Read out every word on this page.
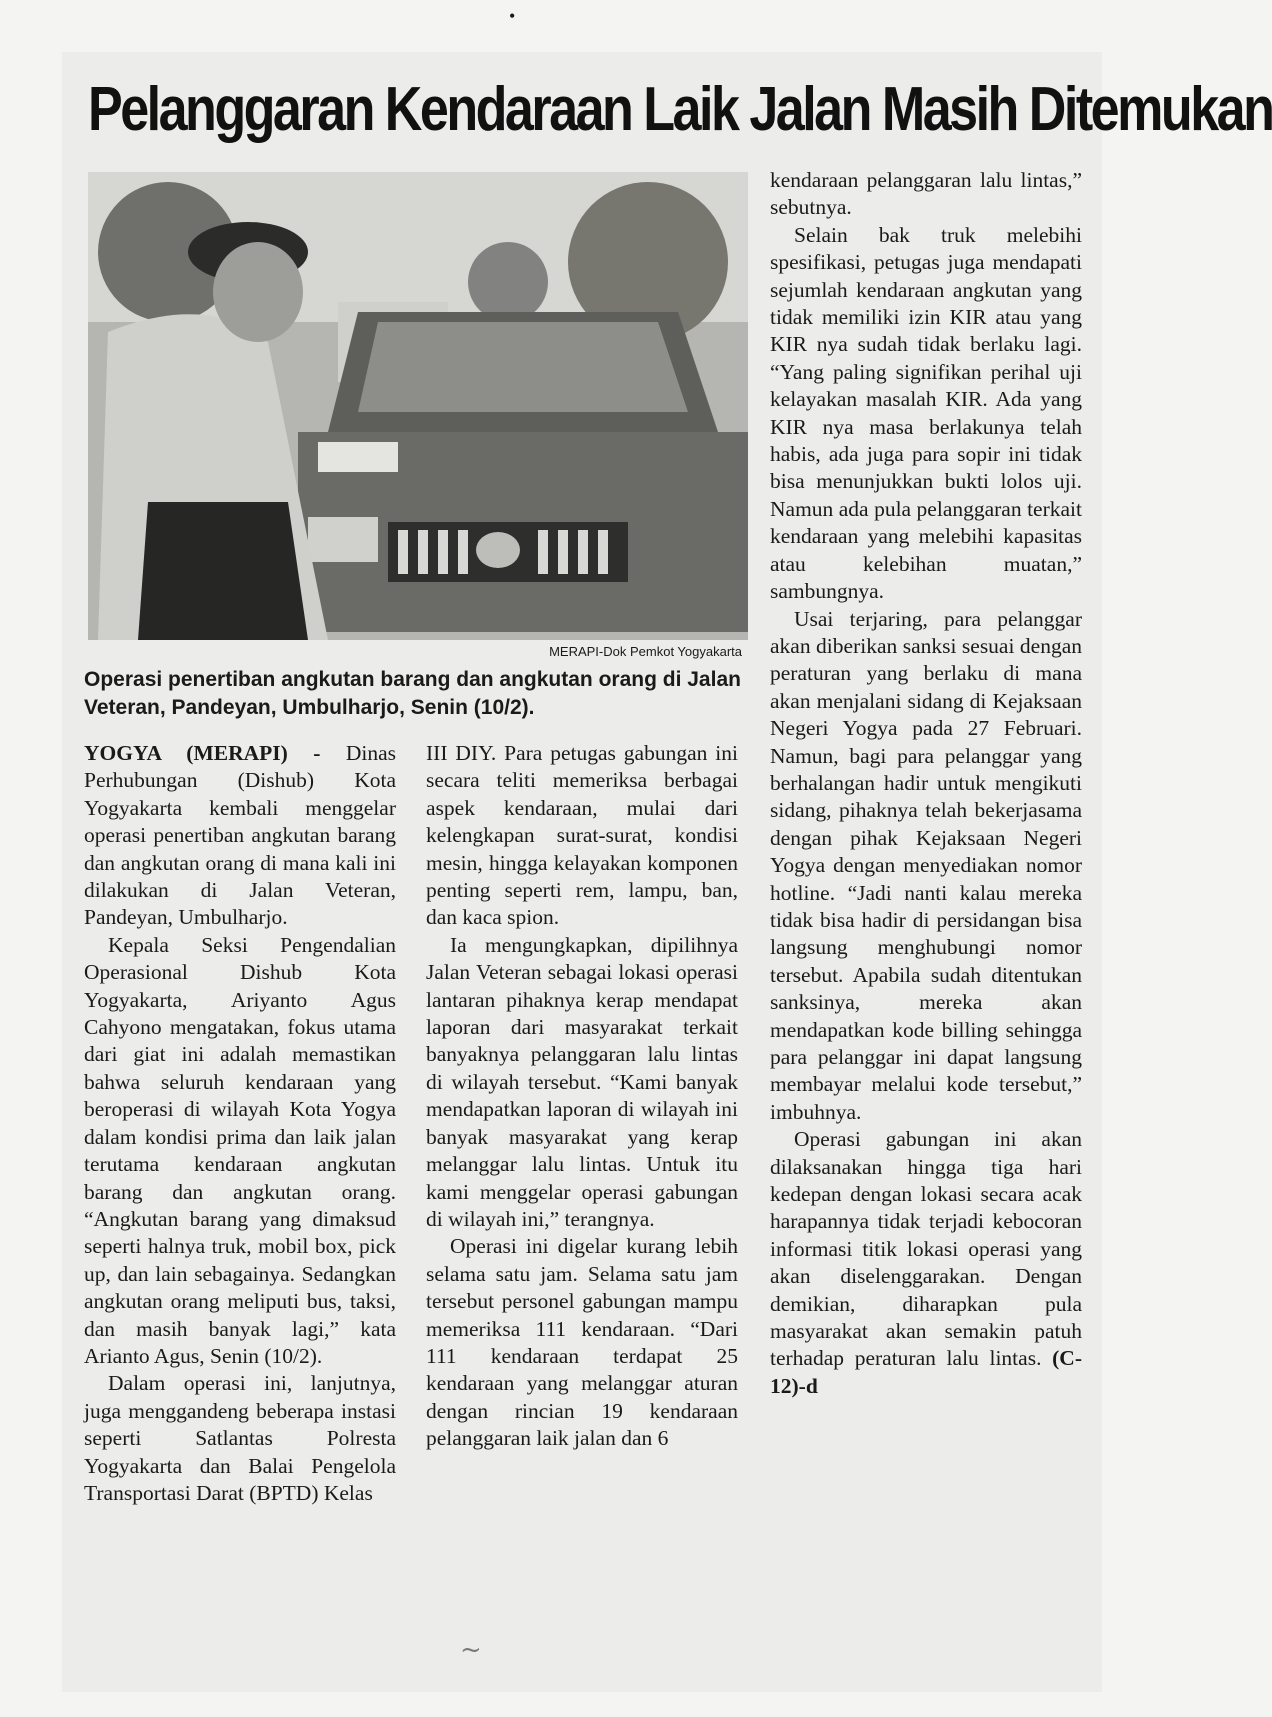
•
Pelanggaran Kendaraan Laik Jalan Masih Ditemukan
MERAPI-Dok Pemkot Yogyakarta
Operasi penertiban angkutan barang dan angkutan orang di Jalan Veteran, Pandeyan, Umbulharjo, Senin (10/2).

YOGYA (MERAPI) - Dinas Perhubungan (Dishub) Kota Yogyakarta kembali menggelar operasi penertiban angkutan barang dan angkutan orang di mana kali ini dilakukan di Jalan Veteran, Pandeyan, Umbulharjo.

Kepala Seksi Pengendalian Operasional Dishub Kota Yogyakarta, Ariyanto Agus Cahyono mengatakan, fokus utama dari giat ini adalah memastikan bahwa seluruh kendaraan yang beroperasi di wilayah Kota Yogya dalam kondisi prima dan laik jalan terutama kendaraan angkutan barang dan angkutan orang. “Angkutan barang yang dimaksud seperti halnya truk, mobil box, pick up, dan lain sebagainya. Sedangkan angkutan orang meliputi bus, taksi, dan masih banyak lagi,” kata Arianto Agus, Senin (10/2).

Dalam operasi ini, lanjutnya, juga menggandeng beberapa instasi seperti Satlantas Polresta Yogyakarta dan Balai Pengelola Transportasi Darat (BPTD) Kelas

III DIY. Para petugas gabungan ini secara teliti memeriksa berbagai aspek kendaraan, mulai dari kelengkapan surat-surat, kondisi mesin, hingga kelayakan komponen penting seperti rem, lampu, ban, dan kaca spion.

Ia mengungkapkan, dipilihnya Jalan Veteran sebagai lokasi operasi lantaran pihaknya kerap mendapat laporan dari masyarakat terkait banyaknya pelanggaran lalu lintas di wilayah tersebut. “Kami banyak mendapatkan laporan di wilayah ini banyak masyarakat yang kerap melanggar lalu lintas. Untuk itu kami menggelar operasi gabungan di wilayah ini,” terangnya.

Operasi ini digelar kurang lebih selama satu jam. Selama satu jam tersebut personel gabungan mampu memeriksa 111 kendaraan. “Dari 111 kendaraan terdapat 25 kendaraan yang melanggar aturan dengan rincian 19 kendaraan pelanggaran laik jalan dan 6

kendaraan pelanggaran lalu lintas,” sebutnya.

Selain bak truk melebihi spesifikasi, petugas juga mendapati sejumlah kendaraan angkutan yang tidak memiliki izin KIR atau yang KIR nya sudah tidak berlaku lagi. “Yang paling signifikan perihal uji kelayakan masalah KIR. Ada yang KIR nya masa berlakunya telah habis, ada juga para sopir ini tidak bisa menunjukkan bukti lolos uji. Namun ada pula pelanggaran terkait kendaraan yang melebihi kapasitas atau kelebihan muatan,” sambungnya.

Usai terjaring, para pelanggar akan diberikan sanksi sesuai dengan peraturan yang berlaku di mana akan menjalani sidang di Kejaksaan Negeri Yogya pada 27 Februari. Namun, bagi para pelanggar yang berhalangan hadir untuk mengikuti sidang, pihaknya telah bekerjasama dengan pihak Kejaksaan Negeri Yogya dengan menyediakan nomor hotline. “Jadi nanti kalau mereka tidak bisa hadir di persidangan bisa langsung menghubungi nomor tersebut. Apabila sudah ditentukan sanksinya, mereka akan mendapatkan kode billing sehingga para pelanggar ini dapat langsung membayar melalui kode tersebut,” imbuhnya.

Operasi gabungan ini akan dilaksanakan hingga tiga hari kedepan dengan lokasi secara acak harapannya tidak terjadi kebocoran informasi titik lokasi operasi yang akan diselenggarakan. Dengan demikian, diharapkan pula masyarakat akan semakin patuh terhadap peraturan lalu lintas. (C-12)-d

~
